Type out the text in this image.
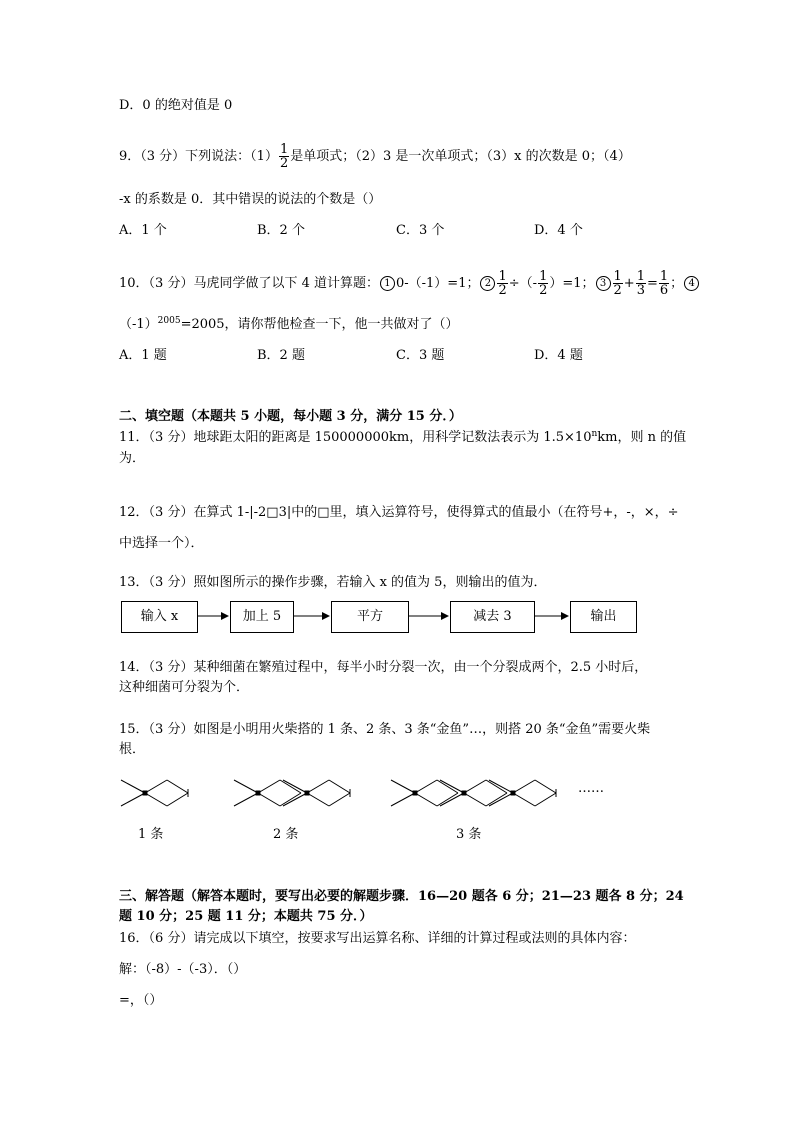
D．0 的绝对值是 0
9．（3 分）下列说法：$(1) \frac{1}{2}$ 是单项式；（2）3 是一次单项式；（3）x 的次数是 0；（4）
-x 的系数是 0．其中错误的说法的个数是（）
A．1 个	B．2 个	C．3 个	D．4 个
10．（3 分）马虎同学做了以下 4 道计算题： 1 0-（-1）=1； $2 \frac{1}{2}$ ÷（- $\frac{1}{2} )=1$； $3 \frac{1}{2} + \frac{1}{3} = \frac{1}{6}$ ； 4
$(-1)^{2005}=2005$，请你帮他检查一下，他一共做对了（）
A．1 题	B．2 题	C．3 题	D．4 题
二、填空题（本题共 5 小题，每小题 3 分，满分 15 分．）
11．（3 分）地球距太阳的距离是 150000000km，用科学记数法表示为 $1.5\times 10^nkm$，则 n 的值
为．
12．（3 分）在算式 1-|-2□3|中的□里，填入运算符号，使得算式的值最小（在符号+，-，×，÷
中选择一个）．
13．（3 分）照如图所示的操作步骤，若输入 x 的值为 5，则输出的值为．
输入 x	加上 5	平方	减去 3	输出
14．（3 分）某种细菌在繁殖过程中，每半小时分裂一次，由一个分裂成两个，2.5 小时后，
这种细菌可分裂为个．
15．（3 分）如图是小明用火柴搭的 1 条、2 条、3 条“金鱼”…，则搭 20 条“金鱼”需要火柴
根．
……
1 条	2 条	3 条
三、解答题（解答本题时，要写出必要的解题步骤．16—20 题各 6 分；21—23 题各 8 分；24
题 10 分；25 题 11 分；本题共 75 分．）
16．（6 分）请完成以下填空，按要求写出运算名称、详细的计算过程或法则的具体内容：
解：（-8）-（-3）．（）
=，（）
